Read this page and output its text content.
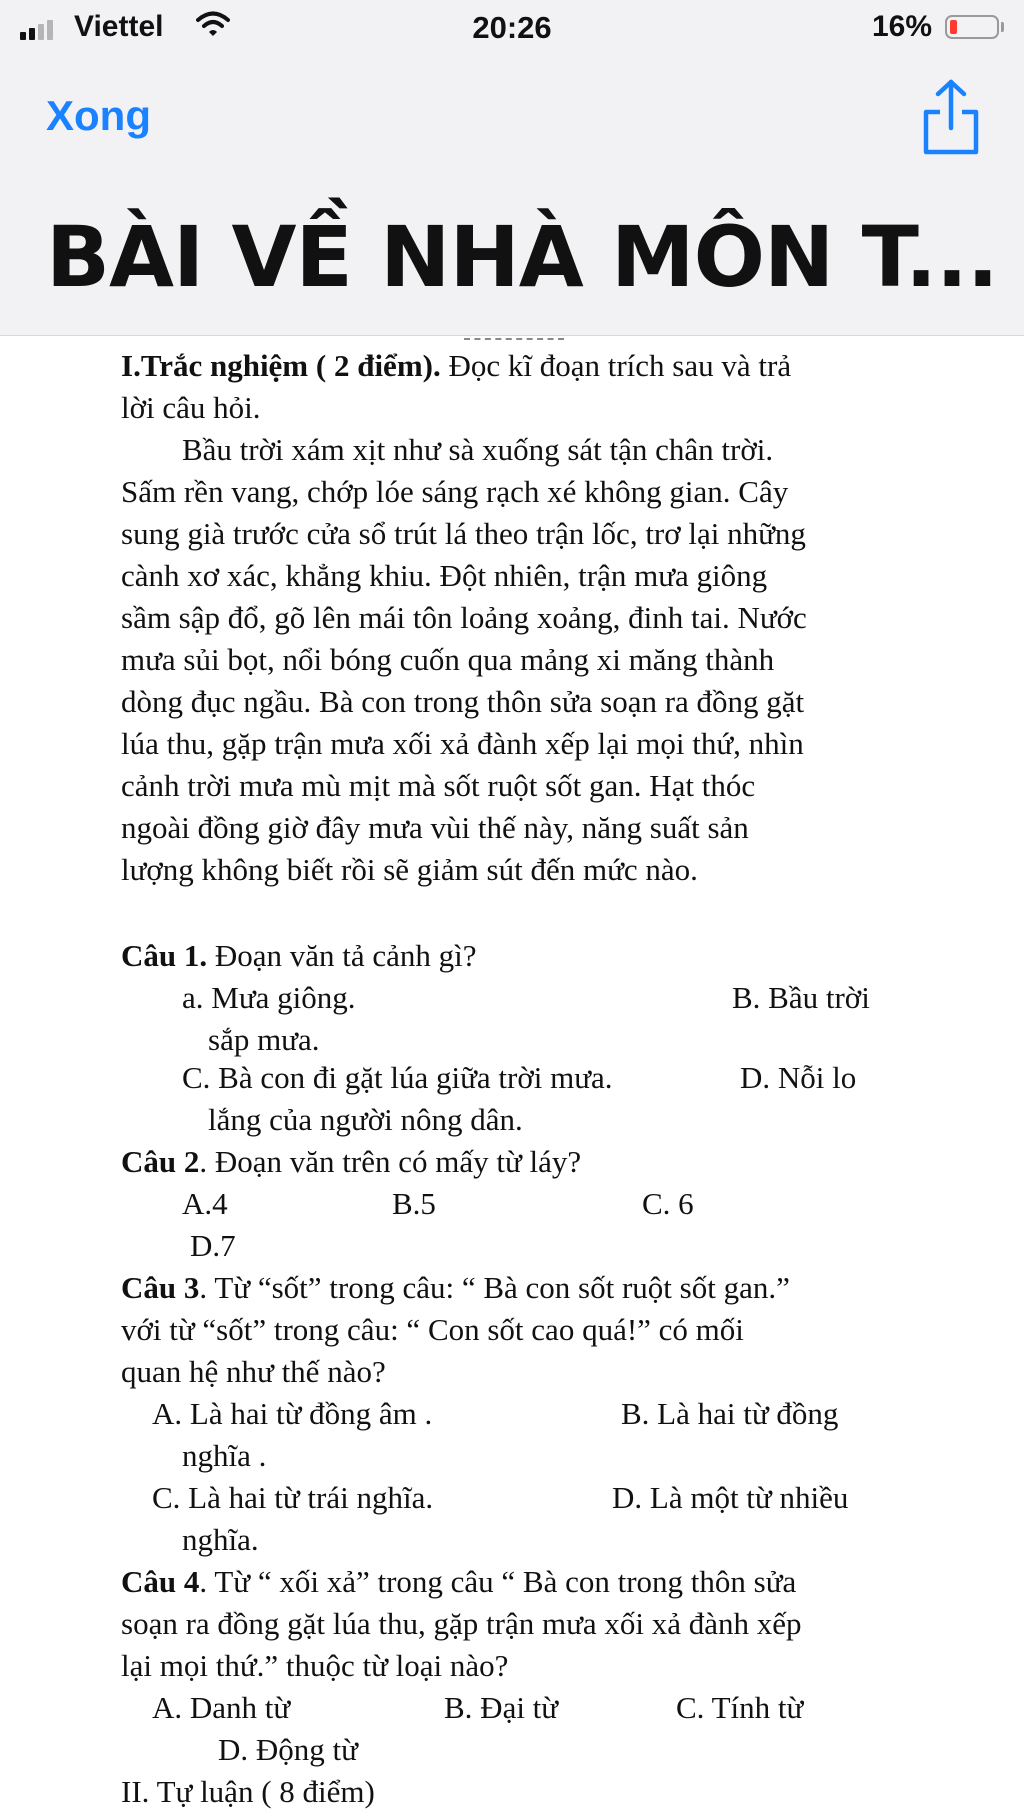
Viettel	20:26	16%
Xong
BÀI VỀ NHÀ MÔN T...
I.Trắc nghiệm ( 2 điểm). Đọc kĩ đoạn trích sau và trả
lời câu hỏi.
Bầu trời xám xịt như sà xuống sát tận chân trời.
Sấm rền vang, chớp lóe sáng rạch xé không gian. Cây
sung già trước cửa sổ trút lá theo trận lốc, trơ lại những
cành xơ xác, khẳng khiu. Đột nhiên, trận mưa giông
sầm sập đổ, gõ lên mái tôn loảng xoảng, đinh tai. Nước
mưa sủi bọt, nổi bóng cuốn qua mảng xi măng thành
dòng đục ngầu. Bà con trong thôn sửa soạn ra đồng gặt
lúa thu, gặp trận mưa xối xả đành xếp lại mọi thứ, nhìn
cảnh trời mưa mù mịt mà sốt ruột sốt gan. Hạt thóc
ngoài đồng giờ đây mưa vùi thế này, năng suất sản
lượng không biết rồi sẽ giảm sút đến mức nào.
Câu 1. Đoạn văn tả cảnh gì?
a. Mưa giông.	B. Bầu trời
sắp mưa.
C. Bà con đi gặt lúa giữa trời mưa.	D. Nỗi lo
lắng của người nông dân.
Câu 2. Đoạn văn trên có mấy từ láy?
A.4	B.5	C. 6
D.7
Câu 3. Từ “sốt” trong câu: “ Bà con sốt ruột sốt gan.”
với từ “sốt” trong câu: “ Con sốt cao quá!” có mối
quan hệ như thế nào?
A. Là hai từ đồng âm .	B. Là hai từ đồng
nghĩa .
C. Là hai từ trái nghĩa.	D. Là một từ nhiều
nghĩa.
Câu 4. Từ “ xối xả” trong câu “ Bà con trong thôn sửa
soạn ra đồng gặt lúa thu, gặp trận mưa xối xả đành xếp
lại mọi thứ.” thuộc từ loại nào?
A. Danh từ	B. Đại từ	C. Tính từ
D. Động từ
II. Tự luận ( 8 điểm)
